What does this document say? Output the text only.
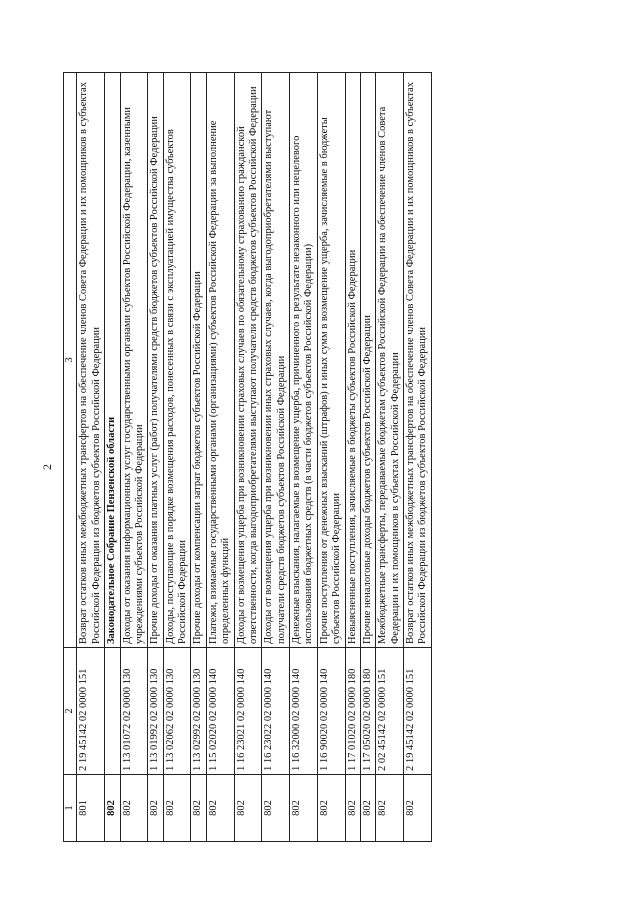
2
1	2	3
801	2 19 45142 02 0000 151	Возврат остатков иных межбюджетных трансфертов на обеспечение членов Совета Федерации и их помощников в субъектах Российской Федерации из бюджетов субъектов Российской Федерации
802		Законодательное Собрание Пензенской области
802	1 13 01072 02 0000 130	Доходы от оказания информационных услуг государственными органами субъектов Российской Федерации, казенными учреждениями субъектов Российской Федерации
802	1 13 01992 02 0000 130	Прочие доходы от оказания платных услуг (работ) получателями средств бюджетов субъектов Российской Федерации
802	1 13 02062 02 0000 130	Доходы, поступающие в порядке возмещения расходов, понесенных в связи с эксплуатацией имущества субъектов Российской Федерации
802	1 13 02992 02 0000 130	Прочие доходы от компенсации затрат бюджетов субъектов Российской Федерации
802	1 15 02020 02 0000 140	Платежи, взимаемые государственными органами (организациями) субъектов Российской Федерации за выполнение определенных функций
802	1 16 23021 02 0000 140	Доходы от возмещения ущерба при возникновении страховых случаев по обязательному страхованию гражданской ответственности, когда выгодоприобретателями выступают получатели средств бюджетов субъектов Российской Федерации
802	1 16 23022 02 0000 140	Доходы от возмещения ущерба при возникновении иных страховых случаев, когда выгодоприобретателями выступают получатели средств бюджетов субъектов Российской Федерации
802	1 16 32000 02 0000 140	Денежные взыскания, налагаемые в возмещение ущерба, причиненного в результате незаконного или нецелевого использования бюджетных средств (в части бюджетов субъектов Российской Федерации)
802	1 16 90020 02 0000 140	Прочие поступления от денежных взысканий (штрафов) и иных сумм в возмещение ущерба, зачисляемые в бюджеты субъектов Российской Федерации
802	1 17 01020 02 0000 180	Невыясненные поступления, зачисляемые в бюджеты субъектов Российской Федерации
802	1 17 05020 02 0000 180	Прочие неналоговые доходы бюджетов субъектов Российской Федерации
802	2 02 45142 02 0000 151	Межбюджетные трансферты, передаваемые бюджетам субъектов Российской Федерации на обеспечение членов Совета Федерации и их помощников в субъектах Российской Федерации
802	2 19 45142 02 0000 151	Возврат остатков иных межбюджетных трансфертов на обеспечение членов Совета Федерации и их помощников в субъектах Российской Федерации из бюджетов субъектов Российской Федерации
